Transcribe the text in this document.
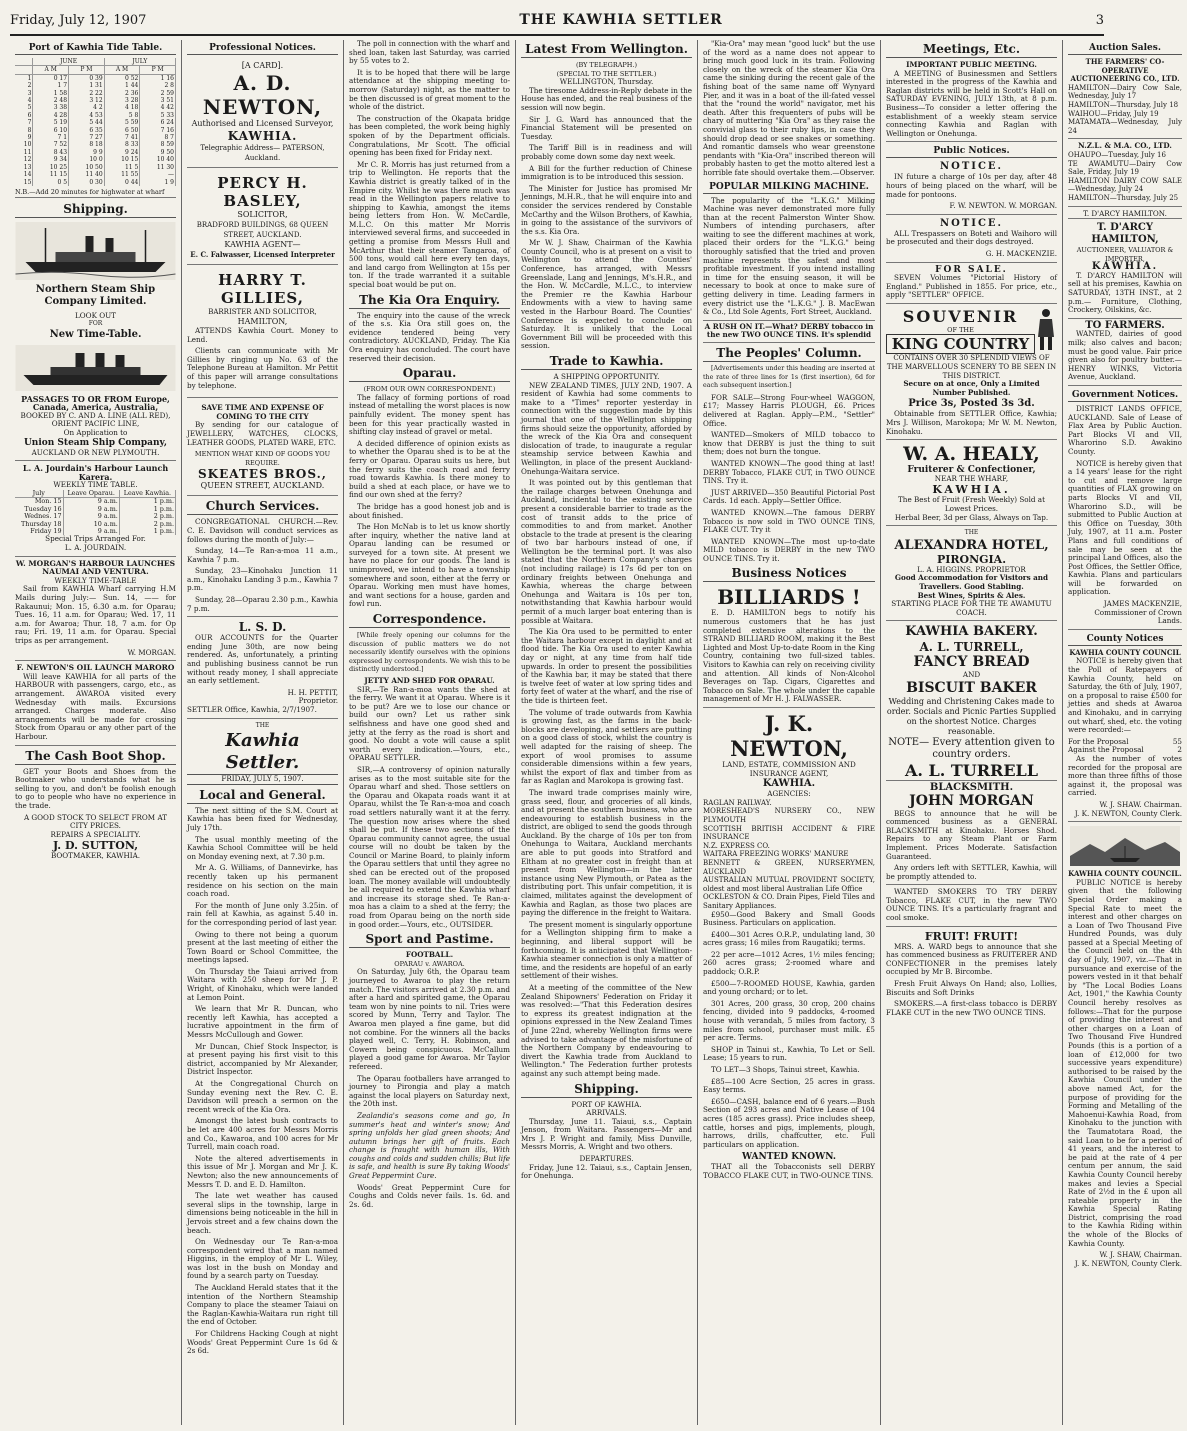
Friday, July 12, 1907	THE KAWHIA SETTLER	3
Port of Kawhia Tide Table.
	JUNE		JULY	
	A M	P M	A M	P M
1	0 17	0 39	0 52	1 16
2	1 7	1 31	1 44	2 8
3	1 58	2 22	2 36	2 59
4	2 48	3 12	3 28	3 51
5	3 38	4 2	4 18	4 42
6	4 28	4 53	5 8	5 33
7	5 19	5 44	5 59	6 24
8	6 10	6 35	6 50	7 16
9	7 1	7 27	7 41	8 7
10	7 52	8 18	8 33	8 59
11	8 43	9 9	9 24	9 50
12	9 34	10 0	10 15	10 40
13	10 25	10 50	11 5	11 30
14	11 15	11 40	11 55	—
15	0 5	0 30	0 44	1 9
N.B.—Add 20 minutes for highwater at wharf
Shipping.
Northern Steam Ship Company Limited.
LOOK OUT
FOR
New Time-Table.
PASSAGES TO OR FROM Europe, Canada, America, Australia,
BOOKED BY C. AND A. LINE (ALL RED), ORIENT PACIFIC LINE,
On Application to
Union Steam Ship Company,
AUCKLAND OR NEW PLYMOUTH.
L. A. Jourdain's Harbour Launch Karera.
WEEKLY TIME TABLE.
July	Leave Oparau.	Leave Kawhia.
Mon. 15	9 a.m.	1 p.m.
Tuesday 16	9 a.m.	1 p.m.
Wednes. 17	9 a.m.	2 p.m.
Thursday 18	10 a.m.	2 p.m.
Friday 19	9 a.m.	1 p.m.
Special Trips Arranged For.
L. A. JOURDAIN.
W. MORGAN'S HARBOUR LAUNCHES NAUMAI AND VENTURA.
WEEKLY TIME-TABLE

Sail from KAWHIA Wharf carrying H.M Mails during July:— Sun. 14, —— for Rakaunui; Mon. 15, 6.30 a.m. for Oparau; Tues. 16, 11 a.m. for Oparau; Wed. 17, 11 a.m. for Awaroa; Thur. 18, 7 a.m. for Op rau; Fri. 19, 11 a.m. for Oparau. Special trips as per arrangement.

W. MORGAN.
F. NEWTON'S OIL LAUNCH MARORO

Will leave KAWHIA for all parts of the HARBOUR with passengers, cargo, etc., as arrangement. AWAROA visited every Wednesday with mails. Excursions arranged. Charges moderate. Also arrangements will be made for crossing Stock from Oparau or any other part of the Harbour.

The Cash Boot Shop.

GET your Boots and Shoes from the Bootmaker who understands what he is selling to you, and don't be foolish enough to go to people who have no experience in the trade.

A GOOD STOCK TO SELECT FROM AT CITY PRICES.
REPAIRS A SPECIALITY.
J. D. SUTTON,
BOOTMAKER, KAWHIA.
Professional Notices.
[A CARD].
A. D. NEWTON,
Authorised and Licensed Surveyor,
KAWHIA.
Telegraphic Address— PATERSON, Auckland.
PERCY H. BASLEY,
SOLICITOR,
BRADFORD BUILDINGS, 68 QUEEN STREET, AUCKLAND.
KAWHIA AGENT—
E. C. Falwasser, Licensed Interpreter
HARRY T. GILLIES,
BARRISTER AND SOLICITOR,
HAMILTON,

ATTENDS Kawhia Court. Money to Lend.

Clients can communicate with Mr Gillies by ringing up No. 63 of the Telephone Bureau at Hamilton. Mr Pettit of this paper will arrange consultations by telephone.

SAVE TIME AND EXPENSE OF COMING TO THE CITY

By sending for our catalogue of JEWELLERY, WATCHES, CLOCKS, LEATHER GOODS, PLATED WARE, ETC.

MENTION WHAT KIND OF GOODS YOU REQUIRE.
SKEATES BROS.,
QUEEN STREET, AUCKLAND.
Church Services.

CONGREGATIONAL CHURCH.—Rev. C. E. Davidson will conduct services as follows during the month of July:—

Sunday, 14—Te Ran-a-moa 11 a.m., Kawhia 7 p.m.

Sunday, 23—Kinohaku Junction 11 a.m., Kinohaku Landing 3 p.m., Kawhia 7 p.m.

Sunday, 28—Oparau 2.30 p.m., Kawhia 7 p.m.

L. S. D.

OUR ACCOUNTS for the Quarter ending June 30th, are now being rendered. As, unfortunately, a printing and publishing business cannot be run without ready money, I shall appreciate an early settlement.

H. H. PETTIT,
Proprietor.
SETTLER Office, Kawhia, 2/7/1907.
THE
Kawhia Settler.
FRIDAY, JULY 5, 1907.
Local and General.

The next sitting of the S.M. Court at Kawhia has been fixed for Wednesday, July 17th.

The usual monthly meeting of the Kawhia School Committee will be held on Monday evening next, at 7.30 p.m.

Mr A. G. Williams, of Dannevirke, has recently taken up his permanent residence on his section on the main coach road.

For the month of June only 3.25in. of rain fell at Kawhia, as against 5.40 in. for the corresponding period of last year.

Owing to there not being a quorum present at the last meeting of either the Town Board or School Committee, the meetings lapsed.

On Thursday the Taiaui arrived from Waitara with 250 sheep for Mr J. P. Wright, of Kinohaku, which were landed at Lemon Point.

We learn that Mr R. Duncan, who recently left Kawhia, has accepted a lucrative appointment in the firm of Messrs McCullough and Gower.

Mr Duncan, Chief Stock Inspector, is at present paying his first visit to this district, accompanied by Mr Alexander, District Inspector.

At the Congregational Church on Sunday evening next the Rev. C. E. Davidson will preach a sermon on the recent wreck of the Kia Ora.

Amongst the latest bush contracts to be let are 400 acres for Messrs Morris and Co., Kawaroa, and 100 acres for Mr Turrell, main coach road.

Note the altered advertisements in this issue of Mr J. Morgan and Mr J. K. Newton; also the new announcements of Messrs T. D. and E. D. Hamilton.

The late wet weather has caused several slips in the township, large in dimensions being noticeable in the hill in Jervois street and a few chains down the beach.

On Wednesday our Te Ran-a-moa correspondent wired that a man named Higgins, in the employ of Mr L. Wiley, was lost in the bush on Monday and found by a search party on Tuesday.

The Auckland Herald states that it the intention of the Northern Steamship Company to place the steamer Taiaui on the Raglan-Kawhia-Waitara run right till the end of October.

For Childrens Hacking Cough at night Woods' Great Peppermint Cure 1s 6d & 2s 6d.

The poll in connection with the wharf and shed loan, taken last Saturday, was carried by 55 votes to 2.

It is to be hoped that there will be large attendance at the shipping meeting to-morrow (Saturday) night, as the matter to be then discussed is of great moment to the whole of the district.

The construction of the Okapata bridge has been completed, the work being highly spoken of by the Department officials. Congratulations, Mr Scott. The official opening has been fixed for Friday next.

Mr C. R. Morris has just returned from a trip to Wellington. He reports that the Kawhia district is greatly talked of in the Empire city. Whilst he was there much was read in the Wellington papers relative to shipping to Kawhia, amongst the items being letters from Hon. W. McCardle, M.L.C. On this matter Mr Morris interviewed several firms, and succeeded in getting a promise from Messrs Hull and McArthur that their steamer Tangaroa, of 500 tons, would call here every ten days, and land cargo from Wellington at 15s per ton. If the trade warranted it a suitable special boat would be put on.

The Kia Ora Enquiry.

The enquiry into the cause of the wreck of the s.s. Kia Ora still goes on, the evidence tendered being very contradictory. AUCKLAND, Friday. The Kia Ora enquiry has concluded. The court have reserved their decision.

Oparau.
(FROM OUR OWN CORRESPONDENT.)

The fallacy of forming portions of road instead of metalling the worst places is now painfully evident. The money spent has been for this year practically wasted in shifting clay instead of gravel or metal.

A decided difference of opinion exists as to whether the Oparau shed is to be at the ferry or Oparau. Oparau suits us here, but the ferry suits the coach road and ferry road towards Kawhia. Is there money to build a shed at each place, or have we to find our own shed at the ferry?

The bridge has a good honest job and is about finished.

The Hon McNab is to let us know shortly after inquiry, whether the native land at Oparau landing can be resumed or surveyed for a town site. At present we have no place for our goods. The land is unimproved, we intend to have a township somewhere and soon, either at the ferry or Oparau. Working men must have homes, and want sections for a house, garden and fowl run.

Correspondence.

[While freely opening our columns for the discussion of public matters we do not necessarily identify ourselves with the opinions expressed by correspondents. We wish this to be distinctly understood.]

JETTY AND SHED FOR OPARAU.

SIR,—Te Ran-a-moa wants the shed at the ferry. We want it at Oparau. Where is it to be put? Are we to lose our chance or build our own? Let us rather sink selfishness and have one good shed and jetty at the ferry as the road is short and good. No doubt a vote will cause a split worth every indication.—Yours, etc., OPARAU SETTLER.

SIR,—A controversy of opinion naturally arises as to the most suitable site for the Oparau wharf and shed. Those settlers on the Oparau and Okapata roads want it at Oparau, whilst the Te Ran-a-moa and coach road settlers naturally want it at the ferry. The question now arises where the shed shall be put. If these two sections of the Oparau community cannot agree, the usual course will no doubt be taken by the Council or Marine Board, to plainly inform the Oparau settlers that until they agree no shed can be erected out of the proposed loan. The money available will undoubtedly be all required to extend the Kawhia wharf and increase its storage shed. Te Ran-a-moa has a claim to a shed at the ferry; the road from Oparau being on the north side in good order.—Yours, etc., OUTSIDER.

Sport and Pastime.
FOOTBALL.
OPARAU v. AWAROA.

On Saturday, July 6th, the Oparau team journeyed to Awaroa to play the return match. The visitors arrived at 2.30 p.m. and after a hard and spirited game, the Oparau team won by nine points to nil. Tries were scored by Munn, Terry and Taylor. The Awaroa men played a fine game, but did not combine. For the winners all the backs played well, C. Terry, H. Robinson, and Cowern being conspicuous. McCallum played a good game for Awaroa. Mr Taylor refereed.

The Oparau footballers have arranged to journey to Pirongia and play a match against the local players on Saturday next, the 20th inst.

Zealandia's seasons come and go, In summer's heat and winter's snow; And spring unfolds her glad green shoots; And autumn brings her gift of fruits. Each change is fraught with human ills, With coughs and colds and sudden chills; But life is safe, and health is sure By taking Woods' Great Peppermint Cure.

Woods' Great Peppermint Cure for Coughs and Colds never fails. 1s. 6d. and 2s. 6d.

Latest From Wellington.
(BY TELEGRAPH.)
(SPECIAL TO THE SETTLER.)
WELLINGTON, Thursday.

The tiresome Address-in-Reply debate in the House has ended, and the real business of the session will now begin.

Sir J. G. Ward has announced that the Financial Statement will be presented on Tuesday.

The Tariff Bill is in readiness and will probably come down some day next week.

A Bill for the further reduction of Chinese immigration is to be introduced this session.

The Minister for Justice has promised Mr Jennings, M.H.R., that he will enquire into and consider the services rendered by Constable McCarthy and the Wilson Brothers, of Kawhia, in going to the assistance of the survivors of the s.s. Kia Ora.

Mr W. J. Shaw, Chairman of the Kawhia County Council, who is at present on a visit to Wellington to attend the Counties' Conference, has arranged, with Messrs Greenslade, Lang and Jennings, M's.H.R., and the Hon. W. McCardle, M.L.C., to interview the Premier re the Kawhia Harbour Endowments with a view to having same vested in the Harbour Board. The Counties' Conference is expected to conclude on Saturday. It is unlikely that the Local Government Bill will be proceeded with this session.

Trade to Kawhia.
A SHIPPING OPPORTUNITY.

NEW ZEALAND TIMES, JULY 2ND, 1907. A resident of Kawhia had some comments to make to a "Times" reporter yesterday in connection with the suggestion made by this journal that one of the Wellington shipping firms should seize the opportunity, afforded by the wreck of the Kia Ora and consequent dislocation of trade, to inaugurate a regular steamship service between Kawhia and Wellington, in place of the present Auckland-Onehunga-Waitara service.

It was pointed out by this gentleman that the railage charges between Onehunga and Auckland, incidental to the existing service present a considerable barrier to trade as the cost of transit adds to the price of commodities to and from market. Another obstacle to the trade at present is the clearing of two bar harbours instead of one, if Wellington be the terminal port. It was also stated that the Northern Company's charges (not including railage) is 17s 6d per ton on ordinary freights between Onehunga and Kawhia, whereas the charge between Onehunga and Waitara is 10s per ton, notwithstanding that Kawhia harbour would permit of a much larger boat entering than is possible at Waitara.

The Kia Ora used to be permitted to enter the Waitara harbour except in daylight and at flood tide. The Kia Ora used to enter Kawhia day or night, at any time from half tide upwards. In order to present the possibilities of the Kawhia bar, it may be stated that there is twelve feet of water at low spring tides and forty feet of water at the wharf, and the rise of the tide is thirteen feet.

The volume of trade outwards from Kawhia is growing fast, as the farms in the back-blocks are developing, and settlers are putting on a good class of stock, whilst the country is well adapted for the raising of sheep. The export of wool promises to assume considerable dimensions within a few years, whilst the export of flax and timber from as far as Raglan and Marokopa is growing fast.

The inward trade comprises mainly wire, grass seed, flour, and groceries of all kinds, and at present the southern business, who are endeavouring to establish business in the district, are obliged to send the goods through Auckland. By the charge of 10s per ton from Onehunga to Waitara, Auckland merchants are able to put goods into Stratford and Eltham at no greater cost in freight than at present from Wellington—in the latter instance using New Plymouth, or Patea as the distributing port. This unfair competition, it is claimed, militates against the development of Kawhia and Raglan, as those two places are paying the difference in the freight to Waitara.

The present moment is singularly opportune for a Wellington shipping firm to make a beginning, and liberal support will be forthcoming. It is anticipated that Wellington-Kawhia steamer connection is only a matter of time, and the residents are hopeful of an early settlement of their wishes.

At a meeting of the committee of the New Zealand Shipowners' Federation on Friday it was resolved:—"That this Federation desires to express its greatest indignation at the opinions expressed in the New Zealand Times of June 22nd, whereby Wellington firms were advised to take advantage of the misfortune of the Northern Company by endeavouring to divert the Kawhia trade from Auckland to Wellington." The Federation further protests against any such attempt being made.

Shipping.
PORT OF KAWHIA.
ARRIVALS.

Thursday, June 11. Taiaui, s.s., Captain Jenson, from Waitara. Passengers—Mr and Mrs J. P. Wright and family, Miss Dunville, Messrs Morris, A. Wright and two others.

DEPARTURES.

Friday, June 12. Taiaui, s.s., Captain Jensen, for Onehunga.

"Kia-Ora" may mean "good luck" but the use of the word as a name does not appear to bring much good luck in its train. Following closely on the wreck of the steamer Kia Ora came the sinking during the recent gale of the fishing boat of the same name off Wynyard Pier, and it was in a boat of the ill-fated vessel that the "round the world" navigator, met his death. After this frequenters of pubs will be chary of muttering "Kia Ora" as they raise the convivial glass to their ruby lips, in case they should drop dead or see snakes or something. And romantic damsels who wear greenstone pendants with "Kia-Ora" inscribed thereon will probably hasten to get the motto altered lest a horrible fate should overtake them.—Observer.

POPULAR MILKING MACHINE.

The popularity of the "L.K.G." Milking Machine was never demonstrated more fully than at the recent Palmerston Winter Show. Numbers of intending purchasers, after waiting to see the different machines at work, placed their orders for the "L.K.G." being thoroughly satisfied that the tried and proven machine represents the safest and most profitable investment. If you intend installing in time for the ensuing season, it will be necessary to book at once to make sure of getting delivery in time. Leading farmers in every district use the "L.K.G." J. B. MacEwan & Co., Ltd Sole Agents, Fort Street, Auckland.

A RUSH ON IT.—What? DERBY tobacco in the new TWO OUNCE TINS. It's splendid
The Peoples' Column.

[Advertisements under this heading are inserted at the rate of three lines for 1s (first insertion), 6d for each subsequent insertion.]

FOR SALE—Strong Four-wheel WAGGON, £17; Massey Harris PLOUGH, £6. Prices delivered at Raglan. Apply—P.M., "Settler" Office.

WANTED—Smokers of MILD tobacco to know that DERBY is just the thing to suit them; does not burn the tongue.

WANTED KNOWN—The good thing at last! DERBY Tobacco, FLAKE CUT, in TWO OUNCE TINS. Try it.

JUST ARRIVED—350 Beautiful Pictorial Post Cards. 1d each. Apply—Settler Office.

WANTED KNOWN.—The famous DERBY Tobacco is now sold in TWO OUNCE TINS, FLAKE CUT. Try it

WANTED KNOWN—The most up-to-date MILD tobacco is DERBY in the new TWO OUNCE TINS. Try it.

Business Notices
BILLIARDS !

E. D. HAMILTON begs to notify his numerous customers that he has just completed extensive alterations to the STRAND BILLIARD ROOM, making it the Best Lighted and Most Up-to-date Room in the King Country, containing two full-sized tables. Visitors to Kawhia can rely on receiving civility and attention. All kinds of Non-Alcohol Beverages on Tap. Cigars, Cigarettes and Tobacco on Sale. The whole under the capable management of Mr H. J. FALWASSER.

J. K. NEWTON,
LAND, ESTATE, COMMISSION AND INSURANCE AGENT,
KAWHIA.
AGENCIES:
RAGLAN RAILWAY.
MORESHEAD'S NURSERY CO., NEW PLYMOUTH
SCOTTISH BRITISH ACCIDENT & FIRE INSURANCE
N.Z. EXPRESS CO.
WAITARA FREEZING WORKS' MANURE
BENNETT & GREEN, NURSERYMEN, AUCKLAND
AUSTRALIAN MUTUAL PROVIDENT SOCIETY, oldest and most liberal Australian Life Office
OCKLESTON & CO. Drain Pipes, Field Tiles and Sanitary Appliances.

£950—Good Bakery and Small Goods Business. Particulars on application.

£400—301 Acres O.R.P., undulating land, 30 acres grass; 16 miles from Raugatiki; terms.

22 per acre—1012 Acres, 1½ miles fencing; 260 acres grass; 2-roomed whare and paddock; O.R.P.

£500—7-ROOMED HOUSE, Kawhia, garden and young orchard; or to let.

301 Acres, 200 grass, 30 crop, 200 chains fencing, divided into 9 paddocks, 4-roomed house with verandah, 5 miles from factory, 3 miles from school, purchaser must milk. £5 per acre. Terms.

SHOP in Tainui st., Kawhia, To Let or Sell. Lease; 15 years to run.

TO LET—3 Shops, Tainui street, Kawhia.

£85—100 Acre Section, 25 acres in grass. Easy terms.

£650—CASH, balance end of 6 years.—Bush Section of 293 acres and Native Lease of 104 acres (185 acres grass). Price includes sheep, cattle, horses and pigs, implements, plough, harrows, drills, chaffcutter, etc. Full particulars on application.

WANTED KNOWN.

THAT all the Tobacconists sell DERBY TOBACCO FLAKE CUT, in TWO-OUNCE TINS.

Meetings, Etc.
IMPORTANT PUBLIC MEETING.

A MEETING of Businessmen and Settlers interested in the progress of the Kawhia and Raglan districts will be held in Scott's Hall on SATURDAY EVENING, JULY 13th, at 8 p.m. Business—To consider a letter offering the establishment of a weekly steam service connecting Kawhia and Raglan with Wellington or Onehunga.

Public Notices.
NOTICE.

IN future a charge of 10s per day, after 48 hours of being placed on the wharf, will be made for pontoons.

F. W. NEWTON. W. MORGAN.
NOTICE.

ALL Trespassers on Boteti and Waihoro will be prosecuted and their dogs destroyed.

G. H. MACKENZIE.
FOR SALE.

SEVEN Volumes "Pictorial History of England." Published in 1855. For price, etc., apply "SETTLER" OFFICE.

SOUVENIR
OF THE
KING COUNTRY
CONTAINS OVER 30 SPLENDID VIEWS OF THE MARVELLOUS SCENERY TO BE SEEN IN THIS DISTRICT.
Secure on at once, Only a Limited Number Published.
Price 3s, Posted 3s 3d.

Obtainable from SETTLER Office, Kawhia; Mrs J. Willison, Marokopa; Mr W. M. Newton, Kinohaku.

W. A. HEALY,
Fruiterer & Confectioner,
NEAR THE WHARF,
KAWHIA.
The Best of Fruit (Fresh Weekly) Sold at Lowest Prices.
Herbal Beer, 3d per Glass, Always on Tap.
THE
ALEXANDRA HOTEL,
PIRONGIA.
L. A. HIGGINS. PROPRIETOR
Good Accommodation for Visitors and Travellers. Good Stabling.
Best Wines, Spirits & Ales.
STARTING PLACE FOR THE TE AWAMUTU COACH.
KAWHIA BAKERY.
A. L. TURRELL,
FANCY BREAD
AND
BISCUIT BAKER
Wedding and Christening Cakes made to order. Socials and Picnic Parties Supplied on the shortest Notice. Charges reasonable.
NOTE— Every attention given to country orders.
A. L. TURRELL
BLACKSMITH.
JOHN MORGAN

BEGS to announce that he will be commenced business as a GENERAL BLACKSMITH at Kinohaku. Horses Shod. Repairs to any Steam Plant or Farm Implement. Prices Moderate. Satisfaction Guaranteed.

Any orders left with SETTLER, Kawhia, will be promptly attended to.

WANTED SMOKERS TO TRY DERBY Tobacco, FLAKE CUT, in the new TWO OUNCE TINS. It's a particularly fragrant and cool smoke.

FRUIT! FRUIT!

MRS. A. WARD begs to announce that she has commenced business as FRUITERER AND CONFECTIONER in the premises lately occupied by Mr B. Bircombe.

Fresh Fruit Always On Hand; also, Lollies, Biscuits and Soft Drinks

SMOKERS.—A first-class tobacco is DERBY FLAKE CUT in the new TWO OUNCE TINS.

Auction Sales.
THE FARMERS' CO-OPERATIVE AUCTIONEERING CO., LTD.
HAMILTON—Dairy Cow Sale, Wednesday, July 17
HAMILTON—Thursday, July 18
WAIHOU—Friday, July 19
MATAMATA—Wednesday, July 24
N.Z.L. & M.A. CO., LTD.
OHAUPO—Tuesday, July 16
TE AWAMUTU—Dairy Cow Sale, Friday, July 19
HAMILTON DAIRY COW SALE—Wednesday, July 24
HAMILTON—Thursday, July 25
T. D'ARCY HAMILTON.
T. D'ARCY HAMILTON,
AUCTIONEER, VALUATOR & IMPORTER,
KAWHIA.

T. D'ARCY HAMILTON will sell at his premises, Kawhia on SATURDAY, 13TH INST., at 2 p.m.— Furniture, Clothing, Crockery, Oilskins, &c.

TO FARMERS.

WANTED, dairies of good milk; also calves and bacon; must be good value. Fair price given also for poultry butter.—HENRY WINKS, Victoria Avenue, Auckland.

Government Notices.

DISTRICT LANDS OFFICE, AUCKLAND. Sale of Lease of Flax Area by Public Auction. Part Blocks VI and VII, Wharorino S.D. Awakino County.

NOTICE is hereby given that a 14 years' lease for the right to cut and remove large quantities of FLAX growing on parts Blocks VI and VII, Wharorino S.D., will be submitted to Public Auction at this Office on Tuesday, 30th July, 1907, at 11 a.m. Poster Plans and full conditions of sale may be seen at the principal Land Offices, also the Post Offices, the Settler Office, Kawhia. Plans and particulars will be forwarded on application.

JAMES MACKENZIE, Commissioner of Crown Lands.
County Notices
KAWHIA COUNTY COUNCIL

NOTICE is hereby given that the Poll of Ratepayers of Kawhia County, held on Saturday, the 6th of July, 1907, on a proposal to raise £500 for jetties and sheds at Awaroa and Kinohaku, and in carrying out wharf, shed, etc. the voting were recorded:—

For the Proposal	55
Against the Proposal	2

As the number of votes recorded for the proposal are more than three fifths of those against it, the proposal was carried.

W. J. SHAW. Chairman.
J. K. NEWTON, County Clerk.
KAWHIA COUNTY COUNCIL.

PUBLIC NOTICE is hereby given that the following Special Order making a Special Rate to meet the interest and other charges on a Loan of Two Thousand Five Hundred Pounds, was duly passed at a Special Meeting of the Council held on the 4th day of July, 1907, viz.—That in pursuance and exercise of the powers vested in it that behalf by "The Local Bodies Loans Act, 1901," the Kawhia County Council hereby resolves as follows:—That for the purpose of providing the interest and other charges on a Loan of Two Thousand Five Hundred Pounds (this is a portion of a loan of £12,000 for two successive years expenditure) authorised to be raised by the Kawhia Council under the above named Act, for the purpose of providing for the Forming and Metalling of the Mahoenui-Kawhia Road, from Kinohaku to the junction with the Taumatotara Road, the said Loan to be for a period of 41 years, and the interest to be paid at the rate of 4 per centum per annum, the said Kawhia County Council hereby makes and levies a Special Rate of 2½d in the £ upon all rateable property in the Kawhia Special Rating District, comprising the road to the Kawhia Riding within the whole of the Blocks of Kawhia County.

W. J. SHAW, Chairman.
J. K. NEWTON, County Clerk.
